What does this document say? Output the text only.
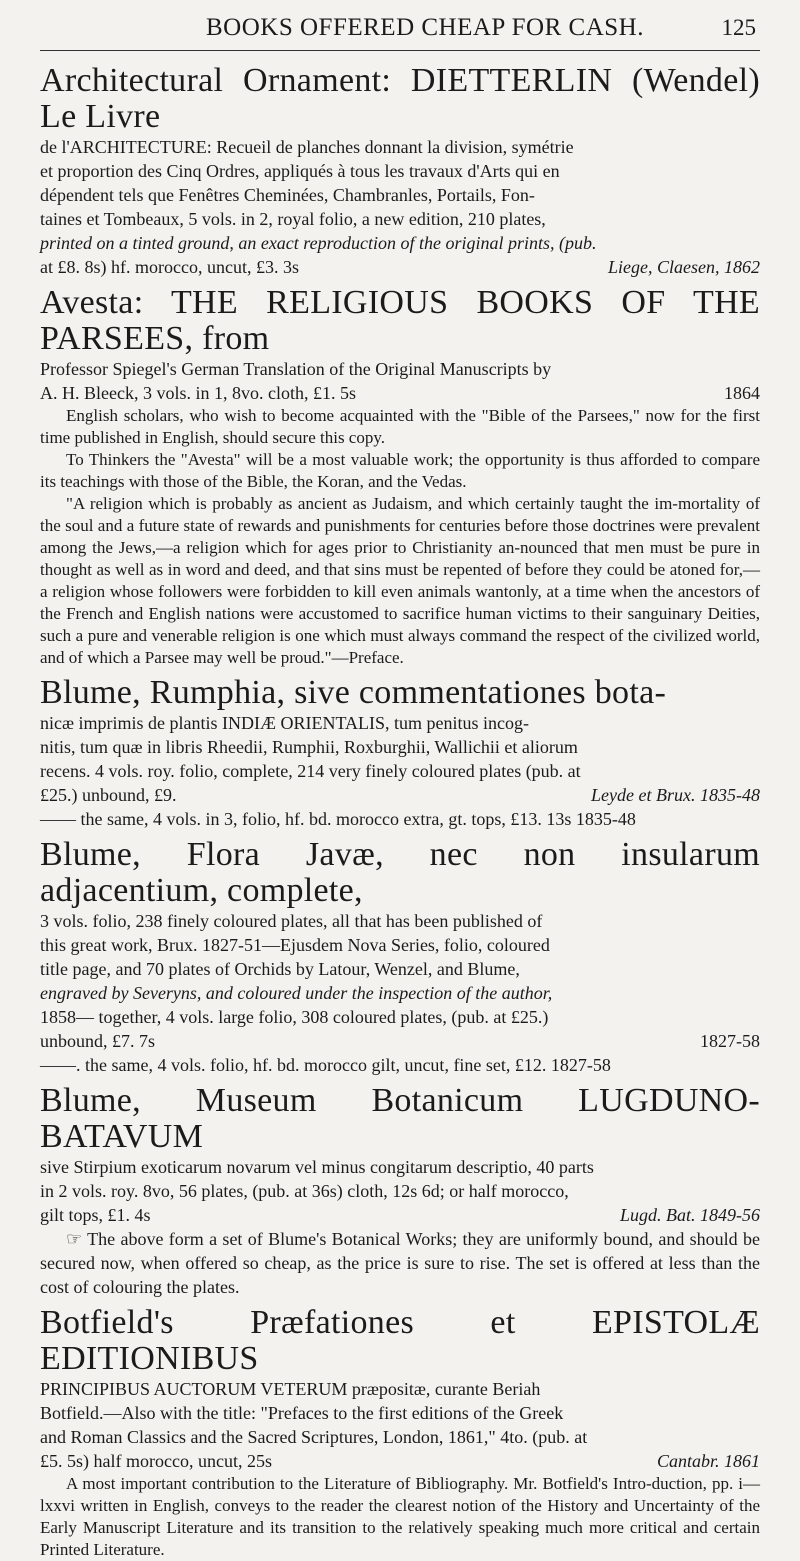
BOOKS OFFERED CHEAP FOR CASH.	125

Architectural Ornament: DIETTERLIN (Wendel) Le Livre

de l'ARCHITECTURE: Recueil de planches donnant la division, symétrie

et proportion des Cinq Ordres, appliqués à tous les travaux d'Arts qui en

dépendent tels que Fenêtres Cheminées, Chambranles, Portails, Fon-

taines et Tombeaux, 5 vols. in 2, royal folio, a new edition, 210 plates,

printed on a tinted ground, an exact reproduction of the original prints, (pub.

Liege, Claesen, 1862
at £8. 8s) hf. morocco, uncut, £3. 3s

Avesta: THE RELIGIOUS BOOKS OF THE PARSEES, from

Professor Spiegel's German Translation of the Original Manuscripts by

1864
A. H. Bleeck, 3 vols. in 1, 8vo. cloth, £1. 5s

English scholars, who wish to become acquainted with the "Bible of the Parsees," now for the first time published in English, should secure this copy.

To Thinkers the "Avesta" will be a most valuable work; the opportunity is thus afforded to compare its teachings with those of the Bible, the Koran, and the Vedas.

"A religion which is probably as ancient as Judaism, and which certainly taught the im-mortality of the soul and a future state of rewards and punishments for centuries before those doctrines were prevalent among the Jews,—a religion which for ages prior to Christianity an-nounced that men must be pure in thought as well as in word and deed, and that sins must be repented of before they could be atoned for,—a religion whose followers were forbidden to kill even animals wantonly, at a time when the ancestors of the French and English nations were accustomed to sacrifice human victims to their sanguinary Deities, such a pure and venerable religion is one which must always command the respect of the civilized world, and of which a Parsee may well be proud."—Preface.

Blume, Rumphia, sive commentationes bota-

nicæ imprimis de plantis INDIÆ ORIENTALIS, tum penitus incog-

nitis, tum quæ in libris Rheedii, Rumphii, Roxburghii, Wallichii et aliorum

recens. 4 vols. roy. folio, complete, 214 very finely coloured plates (pub. at

Leyde et Brux. 1835-48
£25.) unbound, £9.

—— the same, 4 vols. in 3, folio, hf. bd. morocco extra, gt. tops, £13. 13s 1835-48

Blume, Flora Javæ, nec non insularum adjacentium, complete,

3 vols. folio, 238 finely coloured plates, all that has been published of

this great work, Brux. 1827-51—Ejusdem Nova Series, folio, coloured

title page, and 70 plates of Orchids by Latour, Wenzel, and Blume,

engraved by Severyns, and coloured under the inspection of the author,

1858— together, 4 vols. large folio, 308 coloured plates, (pub. at £25.)

1827-58
unbound, £7. 7s

——. the same, 4 vols. folio, hf. bd. morocco gilt, uncut, fine set, £12. 1827-58

Blume, Museum Botanicum LUGDUNO-BATAVUM

sive Stirpium exoticarum novarum vel minus congitarum descriptio, 40 parts

in 2 vols. roy. 8vo, 56 plates, (pub. at 36s) cloth, 12s 6d; or half morocco,

Lugd. Bat. 1849-56
gilt tops, £1. 4s

☞ The above form a set of Blume's Botanical Works; they are uniformly bound, and should be secured now, when offered so cheap, as the price is sure to rise. The set is offered at less than the cost of colouring the plates.

Botfield's Præfationes et EPISTOLÆ EDITIONIBUS

PRINCIPIBUS AUCTORUM VETERUM præpositæ, curante Beriah

Botfield.—Also with the title: "Prefaces to the first editions of the Greek

and Roman Classics and the Sacred Scriptures, London, 1861," 4to. (pub. at

Cantabr. 1861
£5. 5s) half morocco, uncut, 25s

A most important contribution to the Literature of Bibliography. Mr. Botfield's Intro-duction, pp. i—lxxvi written in English, conveys to the reader the clearest notion of the History and Uncertainty of the Early Manuscript Literature and its transition to the relatively speaking much more critical and certain Printed Literature.
